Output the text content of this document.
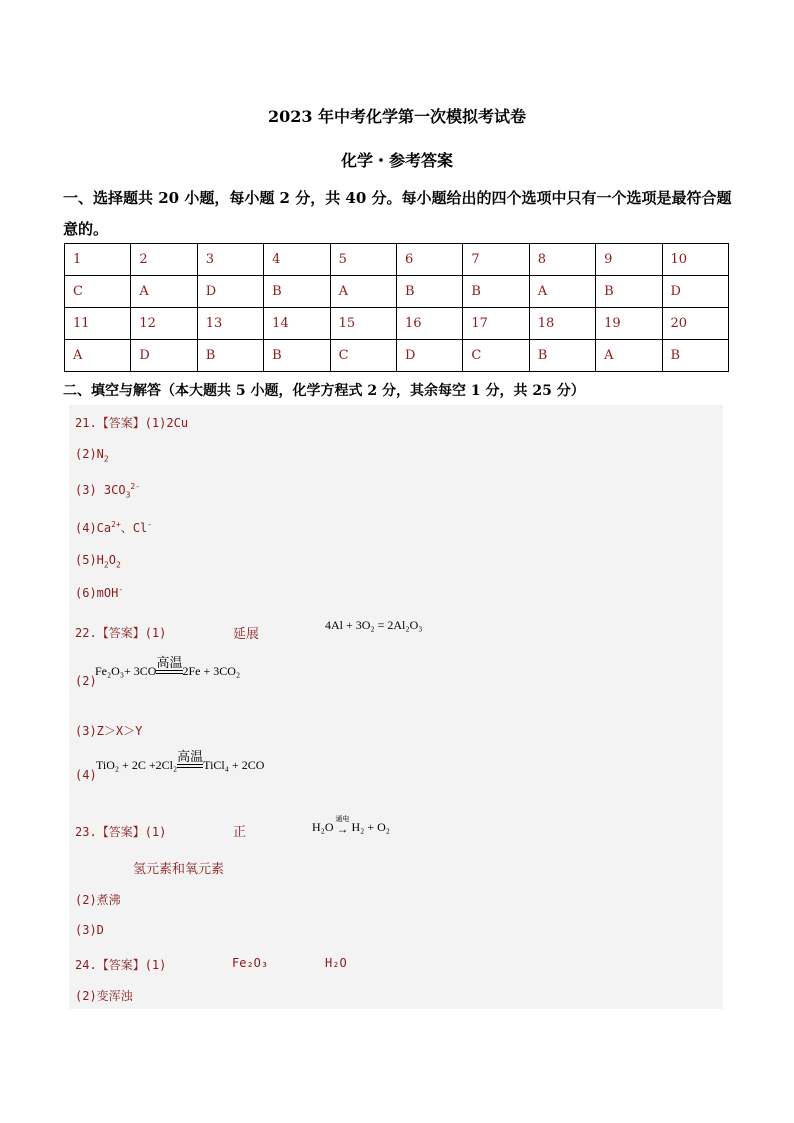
2023 年中考化学第一次模拟考试卷
化学・参考答案
一、选择题共 20 小题，每小题 2 分，共 40 分。每小题给出的四个选项中只有一个选项是最符合题意的。
1	2	3	4	5	6	7	8	9	10
C	A	D	B	A	B	B	A	B	D
11	12	13	14	15	16	17	18	19	20
A	D	B	B	C	D	C	B	A	B
二、填空与解答（本大题共 5 小题，化学方程式 2 分，其余每空 1 分，共 25 分）
21.【答案】(1)2Cu
$(2)N_2$
(3) $3CO_3^{2-}$
$(4)Ca^{2+}$、Cl-
$(5)H_2O_2$
(6)mOH-
22.【答案】(1)	延展
4Al + 3O₂ = 2Al₂O₃
(2)
Fe₂O₃+ 3CO 高温 2Fe + 3CO₂
(3)Z＞X＞Y
(4)
TiO₂ + 2C +2Cl₂ 高温 TiCl₄ + 2CO
23.【答案】(1)	正	H₂O
通电
→ H₂ + O₂
氢元素和氧元素
(2)煮沸
(3)D
24.【答案】(1)	Fe₂O₃	H₂O
(2)变浑浊
